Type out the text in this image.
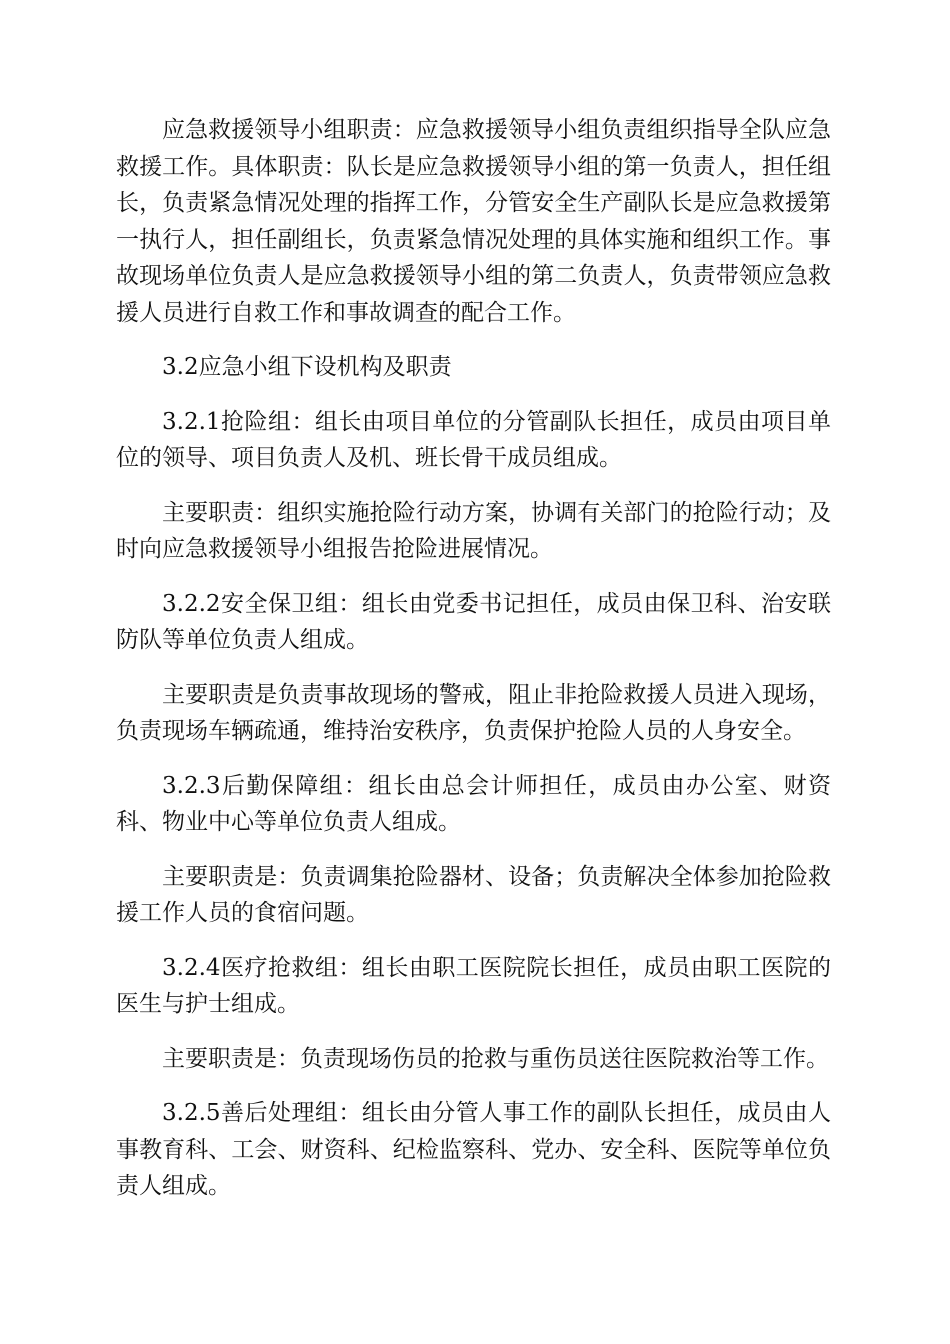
应急救援领导小组职责：应急救援领导小组负责组织指导全队应急救援工作。具体职责：队长是应急救援领导小组的第一负责人，担任组长，负责紧急情况处理的指挥工作，分管安全生产副队长是应急救援第一执行人，担任副组长，负责紧急情况处理的具体实施和组织工作。事故现场单位负责人是应急救援领导小组的第二负责人，负责带领应急救援人员进行自救工作和事故调查的配合工作。

3.2应急小组下设机构及职责

3.2.1抢险组：组长由项目单位的分管副队长担任，成员由项目单位的领导、项目负责人及机、班长骨干成员组成。

主要职责：组织实施抢险行动方案，协调有关部门的抢险行动；及时向应急救援领导小组报告抢险进展情况。

3.2.2安全保卫组：组长由党委书记担任，成员由保卫科、治安联防队等单位负责人组成。

主要职责是负责事故现场的警戒，阻止非抢险救援人员进入现场，负责现场车辆疏通，维持治安秩序，负责保护抢险人员的人身安全。

3.2.3后勤保障组：组长由总会计师担任，成员由办公室、财资科、物业中心等单位负责人组成。

主要职责是：负责调集抢险器材、设备；负责解决全体参加抢险救援工作人员的食宿问题。

3.2.4医疗抢救组：组长由职工医院院长担任，成员由职工医院的医生与护士组成。

主要职责是：负责现场伤员的抢救与重伤员送往医院救治等工作。

3.2.5善后处理组：组长由分管人事工作的副队长担任，成员由人事教育科、工会、财资科、纪检监察科、党办、安全科、医院等单位负责人组成。
